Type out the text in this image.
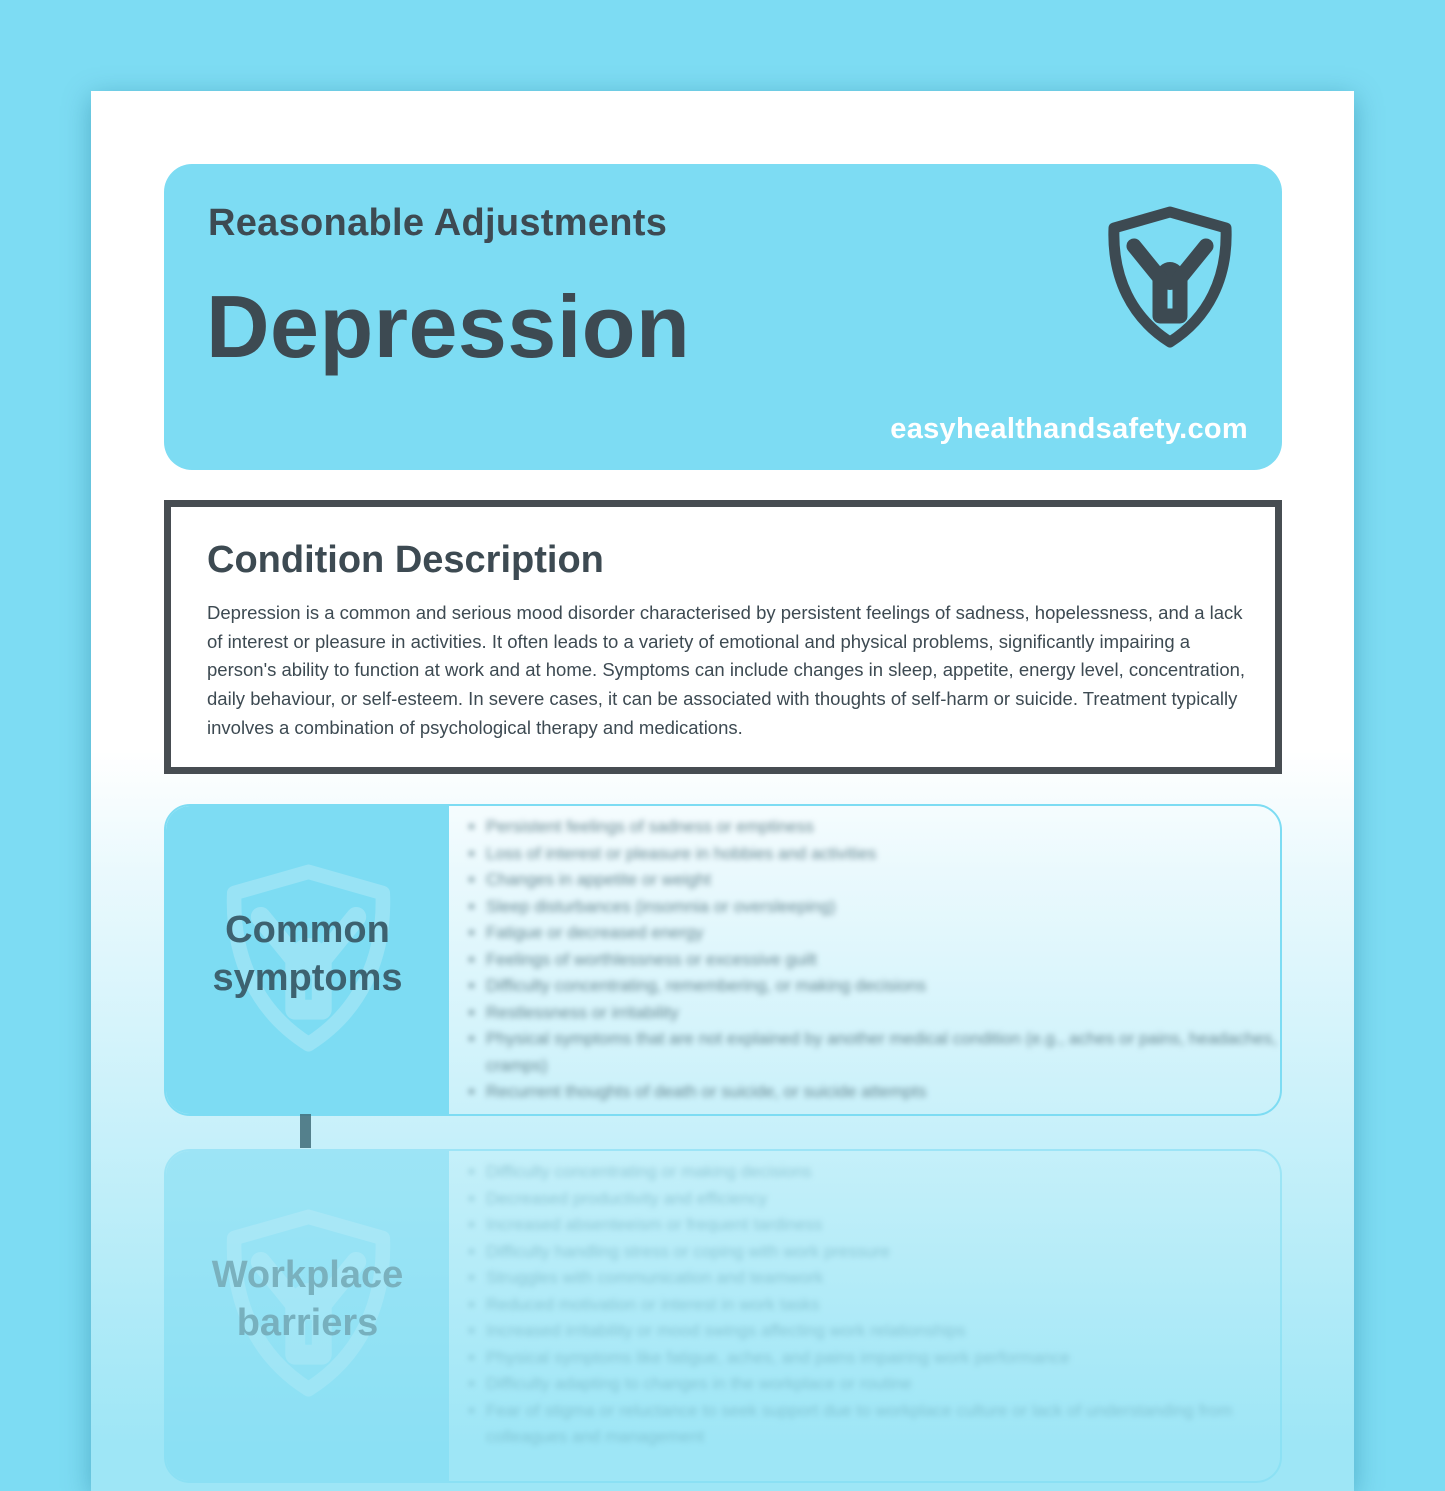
Reasonable Adjustments
Depression
easyhealthandsafety.com
Condition Description
Depression is a common and serious mood disorder characterised by persistent feelings of sadness, hopelessness, and a lack of interest or pleasure in activities. It often leads to a variety of emotional and physical problems, significantly impairing a person's ability to function at work and at home. Symptoms can include changes in sleep, appetite, energy level, concentration, daily behaviour, or self-esteem. In severe cases, it can be associated with thoughts of self-harm or suicide. Treatment typically involves a combination of psychological therapy and medications.
Common
symptoms
• Persistent feelings of sadness or emptiness
• Loss of interest or pleasure in hobbies and activities
• Changes in appetite or weight
• Sleep disturbances (insomnia or oversleeping)
• Fatigue or decreased energy
• Feelings of worthlessness or excessive guilt
• Difficulty concentrating, remembering, or making decisions
• Restlessness or irritability
• Physical symptoms that are not explained by another medical condition (e.g., aches or pains, headaches, cramps)
• Recurrent thoughts of death or suicide, or suicide attempts
Workplace
barriers
• Difficulty concentrating or making decisions
• Decreased productivity and efficiency
• Increased absenteeism or frequent tardiness
• Difficulty handling stress or coping with work pressure
• Struggles with communication and teamwork
• Reduced motivation or interest in work tasks
• Increased irritability or mood swings affecting work relationships
• Physical symptoms like fatigue, aches, and pains impairing work performance
• Difficulty adapting to changes in the workplace or routine
• Fear of stigma or reluctance to seek support due to workplace culture or lack of understanding from colleagues and management
